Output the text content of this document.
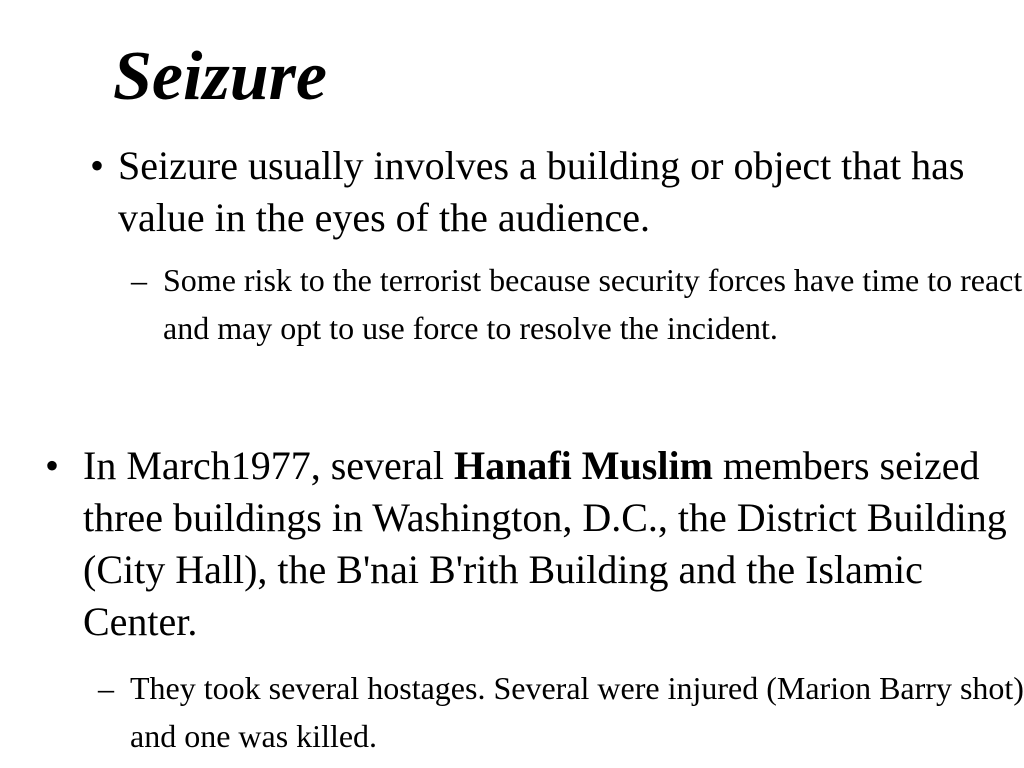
Seizure
• Seizure usually involves a building or object that has value in the eyes of the audience.
– Some risk to the terrorist because security forces have time to react and may opt to use force to resolve the incident.
• In March1977, several Hanafi Muslim members seized three buildings in Washington, D.C., the District Building (City Hall), the B'nai B'rith Building and the Islamic Center.
– They took several hostages. Several were injured (Marion Barry shot) and one was killed.
